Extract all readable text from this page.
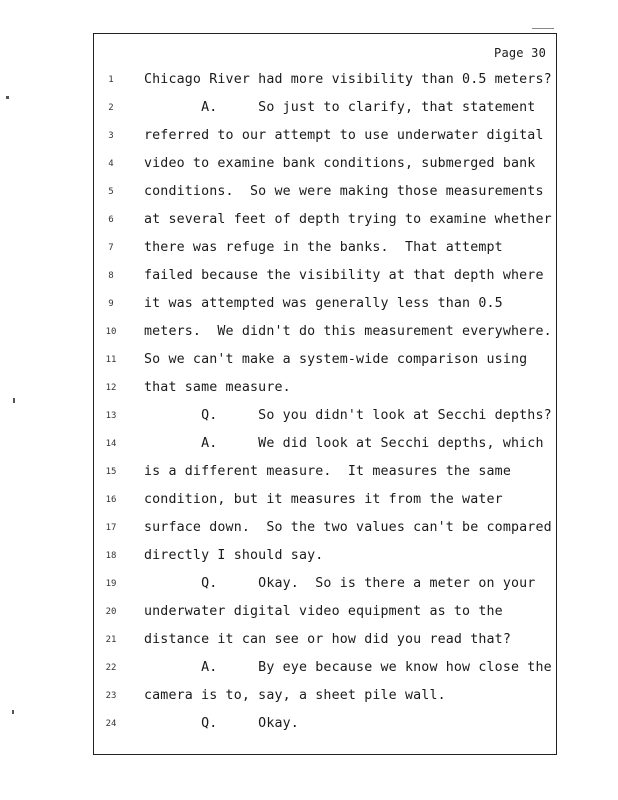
Page 30
1	Chicago River had more visibility than 0.5 meters?
2	A.     So just to clarify, that statement
3	referred to our attempt to use underwater digital
4	video to examine bank conditions, submerged bank
5	conditions.  So we were making those measurements
6	at several feet of depth trying to examine whether
7	there was refuge in the banks.  That attempt
8	failed because the visibility at that depth where
9	it was attempted was generally less than 0.5
10	meters.  We didn't do this measurement everywhere.
11	So we can't make a system-wide comparison using
12	that same measure.
13	Q.     So you didn't look at Secchi depths?
14	A.     We did look at Secchi depths, which
15	is a different measure.  It measures the same
16	condition, but it measures it from the water
17	surface down.  So the two values can't be compared
18	directly I should say.
19	Q.     Okay.  So is there a meter on your
20	underwater digital video equipment as to the
21	distance it can see or how did you read that?
22	A.     By eye because we know how close the
23	camera is to, say, a sheet pile wall.
24	Q.     Okay.
